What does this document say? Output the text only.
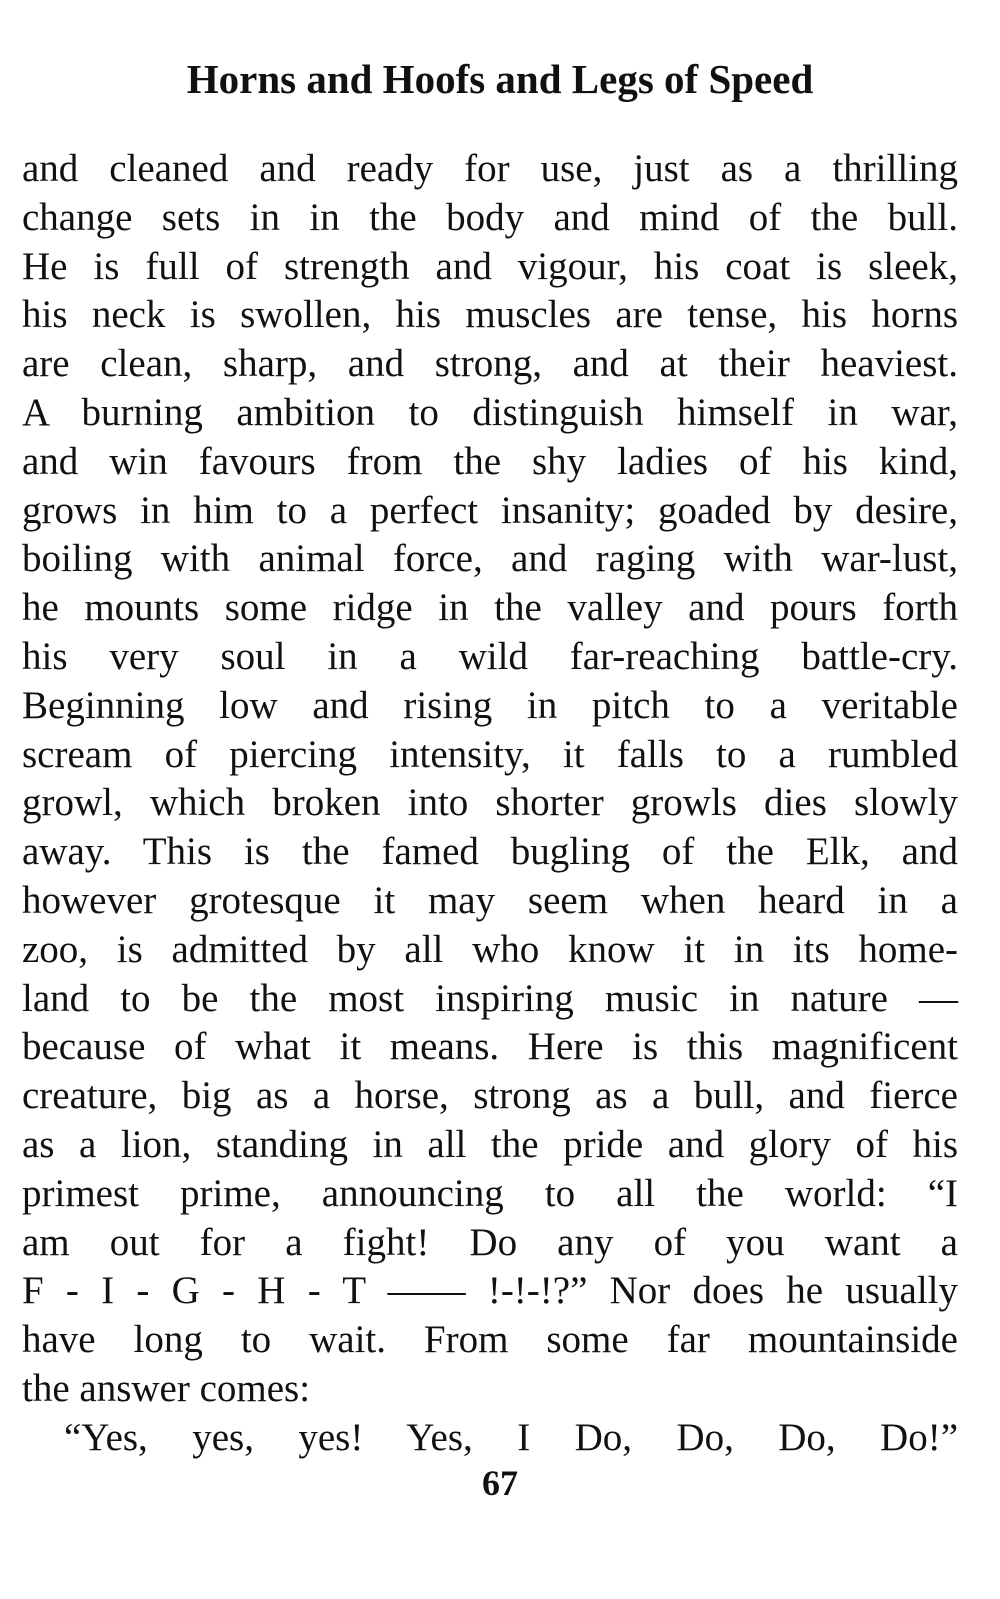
Horns and Hoofs and Legs of Speed
and cleaned and ready for use, just as a thrilling
change sets in in the body and mind of the bull.
He is full of strength and vigour, his coat is sleek,
his neck is swollen, his muscles are tense, his horns
are clean, sharp, and strong, and at their heaviest.
A burning ambition to distinguish himself in war,
and win favours from the shy ladies of his kind,
grows in him to a perfect insanity; goaded by desire,
boiling with animal force, and raging with war-lust,
he mounts some ridge in the valley and pours forth
his very soul in a wild far-reaching battle-cry.
Beginning low and rising in pitch to a veritable
scream of piercing intensity, it falls to a rumbled
growl, which broken into shorter growls dies slowly
away. This is the famed bugling of the Elk, and
however grotesque it may seem when heard in a
zoo, is admitted by all who know it in its home-
land to be the most inspiring music in nature —
because of what it means. Here is this magnificent
creature, big as a horse, strong as a bull, and fierce
as a lion, standing in all the pride and glory of his
primest prime, announcing to all the world: “I
am out for a fight! Do any of you want a
F - I - G - H - T —— !-!-!?” Nor does he usually
have long to wait. From some far mountainside
the answer comes:
“Yes, yes, yes! Yes, I Do, Do, Do, Do!”
67
